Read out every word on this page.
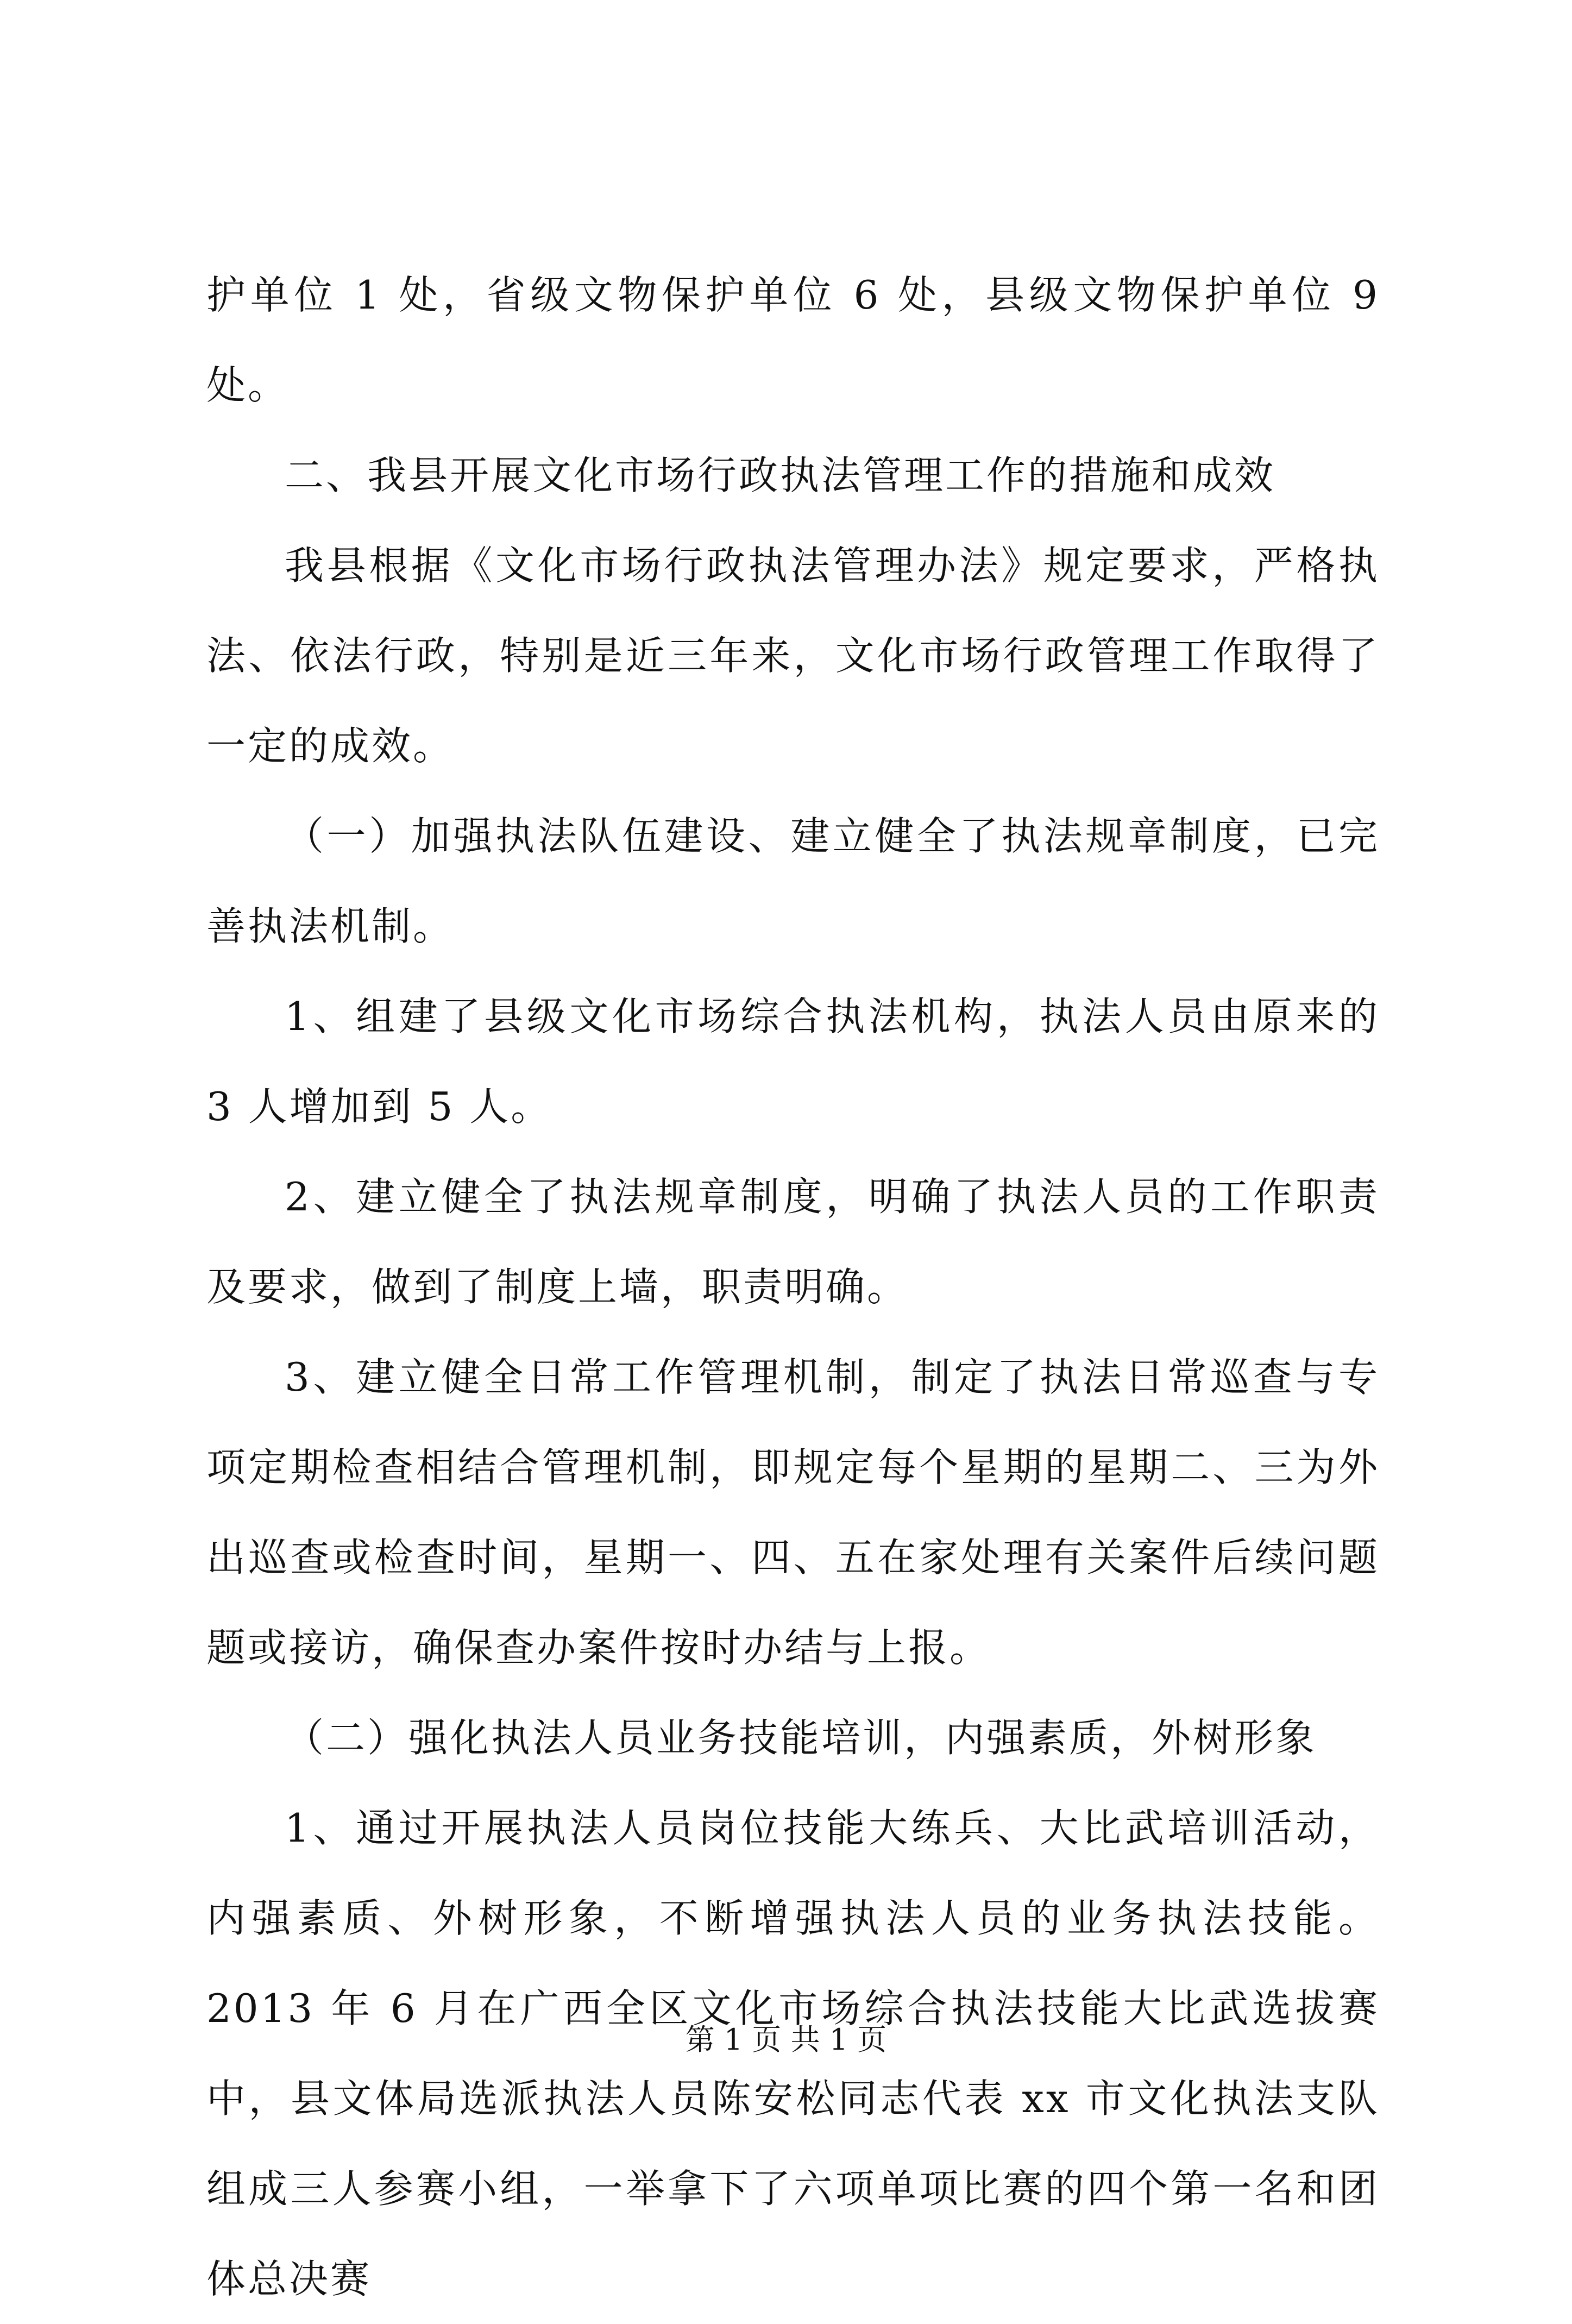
护单位 1 处，省级文物保护单位 6 处，县级文物保护单位 9 处。

二、我县开展文化市场行政执法管理工作的措施和成效

我县根据《文化市场行政执法管理办法》规定要求，严格执法、依法行政，特别是近三年来，文化市场行政管理工作取得了一定的成效。

（一）加强执法队伍建设、建立健全了执法规章制度，已完善执法机制。

1、组建了县级文化市场综合执法机构，执法人员由原来的 3 人增加到 5 人。

2、建立健全了执法规章制度，明确了执法人员的工作职责及要求，做到了制度上墙，职责明确。

3、建立健全日常工作管理机制，制定了执法日常巡查与专项定期检查相结合管理机制，即规定每个星期的星期二、三为外出巡查或检查时间，星期一、四、五在家处理有关案件后续问题题或接访，确保查办案件按时办结与上报。

（二）强化执法人员业务技能培训，内强素质，外树形象

1、通过开展执法人员岗位技能大练兵、大比武培训活动，内强素质、外树形象，不断增强执法人员的业务执法技能。2013 年 6 月在广西全区文化市场综合执法技能大比武选拔赛中，县文体局选派执法人员陈安松同志代表 xx 市文化执法支队组成三人参赛小组，一举拿下了六项单项比赛的四个第一名和团体总决赛

第 1 页 共 1 页
